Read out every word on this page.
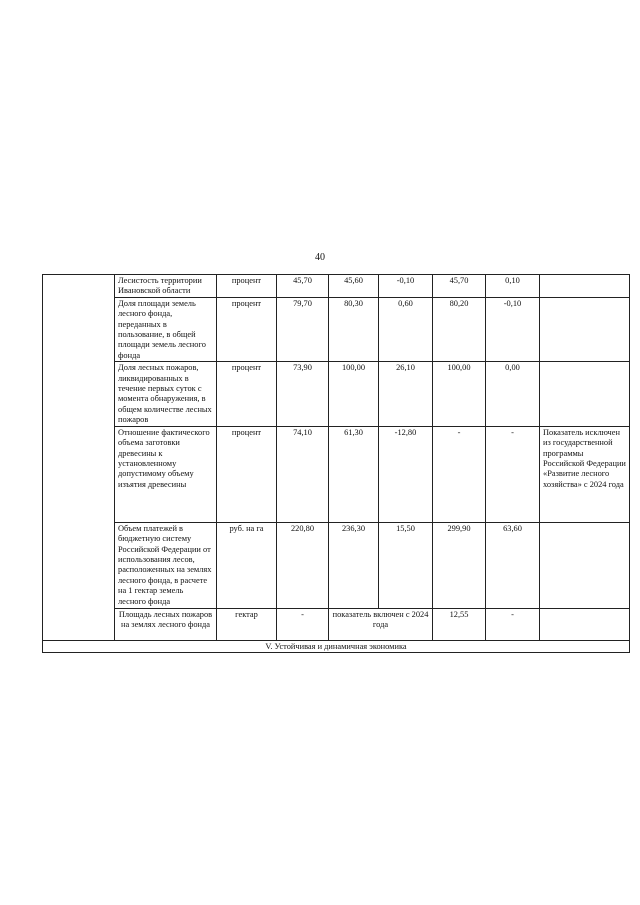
40
	Лесистость территории Ивановской области	процент	45,70	45,60	-0,10	45,70	0,10	
	Доля площади земель лесного фонда, переданных в пользование, в общей площади земель лесного фонда	процент	79,70	80,30	0,60	80,20	-0,10	
	Доля лесных пожаров, ликвидированных в течение первых суток с момента обнаружения, в общем количестве лесных пожаров	процент	73,90	100,00	26,10	100,00	0,00	
	Отношение фактического объема заготовки древесины к установленному допустимому объему изъятия древесины	процент	74,10	61,30	-12,80	-	-	Показатель исключен из государственной программы Российской Федерации «Развитие лесного хозяйства» с 2024 года
	Объем платежей в бюджетную систему Российской Федерации от использования лесов, расположенных на землях лесного фонда, в расчете на 1 гектар земель лесного фонда	руб. на га	220,80	236,30	15,50	299,90	63,60	
	Площадь лесных пожаров на землях лесного фонда	гектар	-	показатель включен с 2024 года		12,55	-	
V. Устойчивая и динамичная экономика								
